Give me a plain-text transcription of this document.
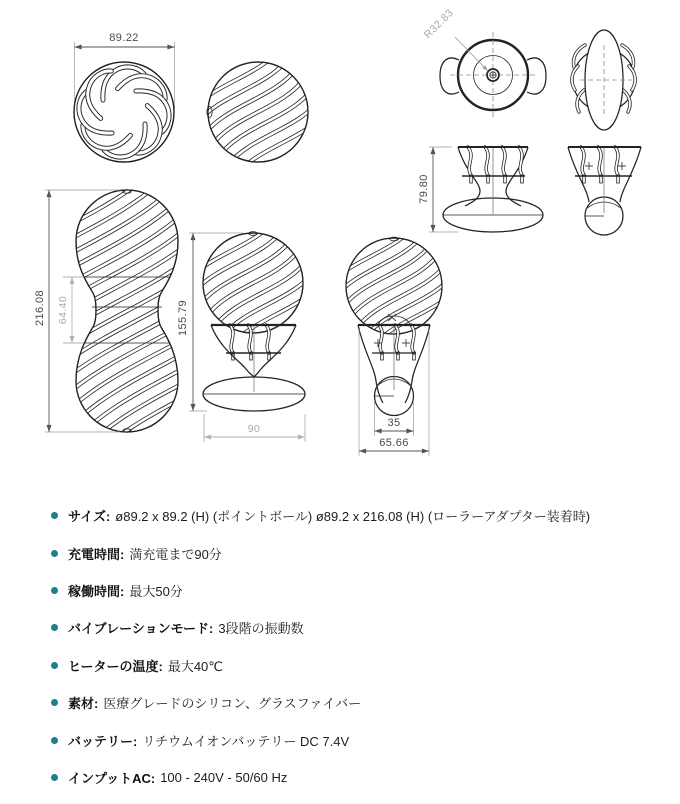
89.22	R32.83
79.80
216.08 64.40	155.79
90	35
65.66
サイズ: ø89.2 x 89.2 (H) (ポイントボール) ø89.2 x 216.08 (H) (ローラーアダプター装着時)
充電時間: 満充電まで90分
稼働時間: 最大50分
バイブレーションモード: 3段階の振動数
ヒーターの温度: 最大40℃
素材: 医療グレードのシリコン、グラスファイバー
バッテリー: リチウムイオンバッテリー DC 7.4V
インプットAC: 100 - 240V - 50/60 Hz
